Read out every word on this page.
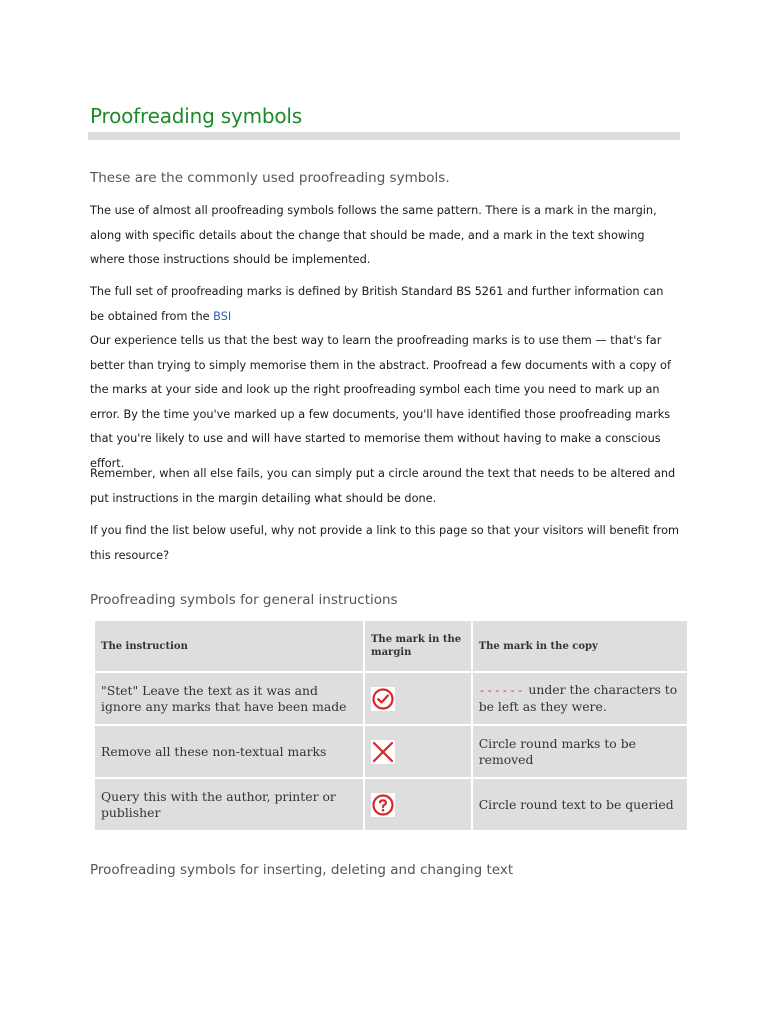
Proofreading symbols
These are the commonly used proofreading symbols.

The use of almost all proofreading symbols follows the same pattern. There is a mark in the margin, along with specific details about the change that should be made, and a mark in the text showing where those instructions should be implemented.

The full set of proofreading marks is defined by British Standard BS 5261 and further information can be obtained from the BSI

Our experience tells us that the best way to learn the proofreading marks is to use them — that's far better than trying to simply memorise them in the abstract. Proofread a few documents with a copy of the marks at your side and look up the right proofreading symbol each time you need to mark up an error. By the time you've marked up a few documents, you'll have identified those proofreading marks that you're likely to use and will have started to memorise them without having to make a conscious effort.

Remember, when all else fails, you can simply put a circle around the text that needs to be altered and put instructions in the margin detailing what should be done.

If you find the list below useful, why not provide a link to this page so that your visitors will benefit from this resource?

Proofreading symbols for general instructions
The instruction	The mark in the margin	The mark in the copy
"Stet" Leave the text as it was and ignore any marks that have been made		------ under the characters to be left as they were.
Remove all these non-textual marks		Circle round marks to be removed
Query this with the author, printer or publisher		Circle round text to be queried
Proofreading symbols for inserting, deleting and changing text
